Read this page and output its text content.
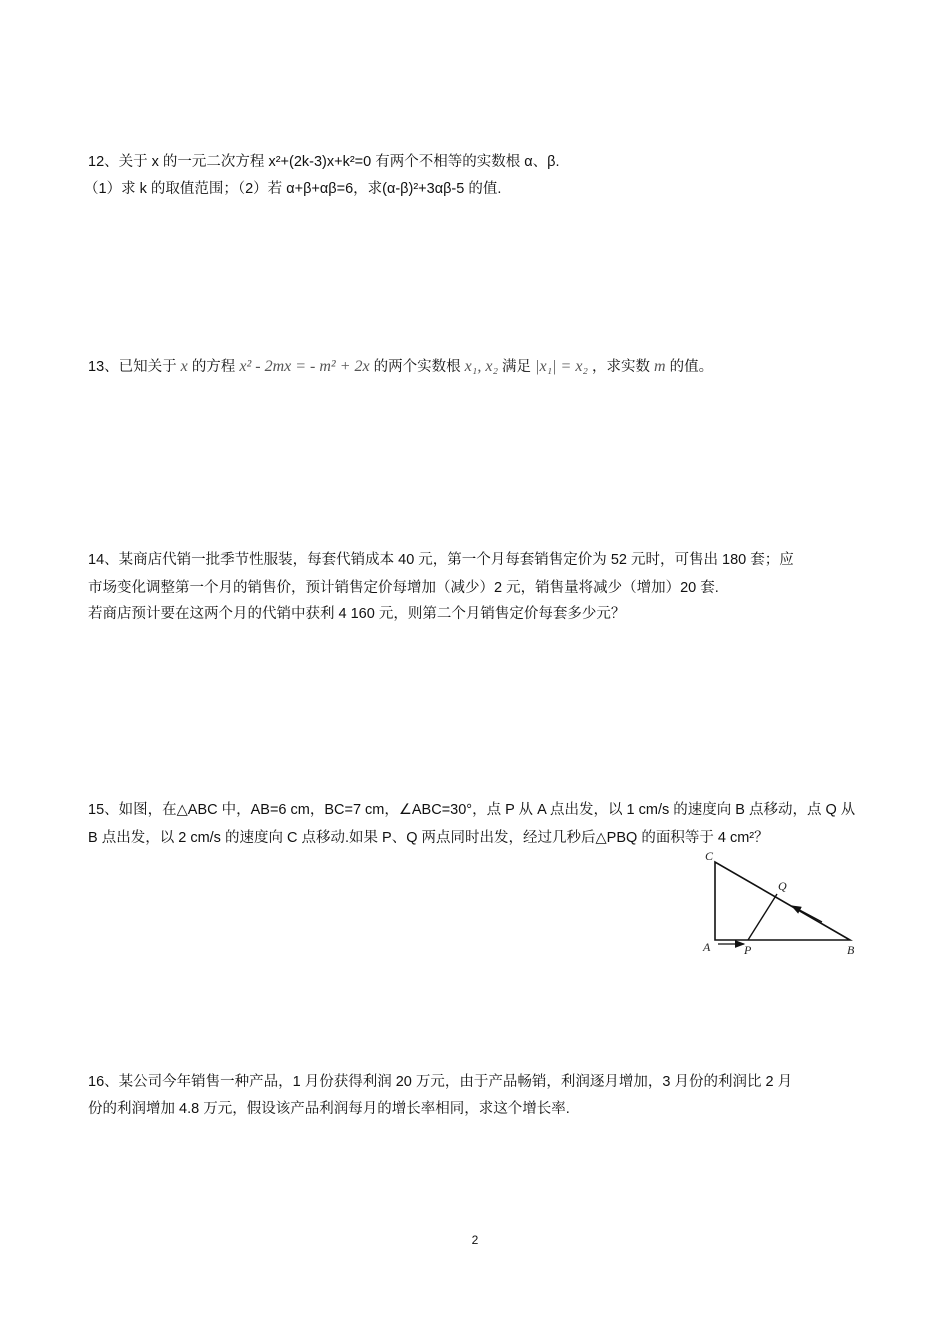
12、关于 x 的一元二次方程 x²+(2k-3)x+k²=0 有两个不相等的实数根 α、β.
（1）求 k 的取值范围；（2）若 α+β+αβ=6，求(α-β)²+3αβ-5 的值.
13、已知关于 x 的方程 x² - 2mx = - m² + 2x 的两个实数根 x₁, x₂ 满足 |x₁| = x₂ ，求实数 m 的值。
14、某商店代销一批季节性服装，每套代销成本 40 元，第一个月每套销售定价为 52 元时，可售出 180 套；应
市场变化调整第一个月的销售价，预计销售定价每增加（减少）2 元，销售量将减少（增加）20 套.
若商店预计要在这两个月的代销中获利 4 160 元，则第二个月销售定价每套多少元？
15、如图，在△ABC 中，AB=6 cm，BC=7 cm，∠ABC=30°，点 P 从 A 点出发，以 1 cm/s 的速度向 B 点移动，点 Q 从
B 点出发，以 2 cm/s 的速度向 C 点移动.如果 P、Q 两点同时出发，经过几秒后△PBQ 的面积等于 4 cm²？
C
Q
A	P	B
16、某公司今年销售一种产品，1 月份获得利润 20 万元，由于产品畅销，利润逐月增加，3 月份的利润比 2 月
份的利润增加 4.8 万元，假设该产品利润每月的增长率相同，求这个增长率.
2
